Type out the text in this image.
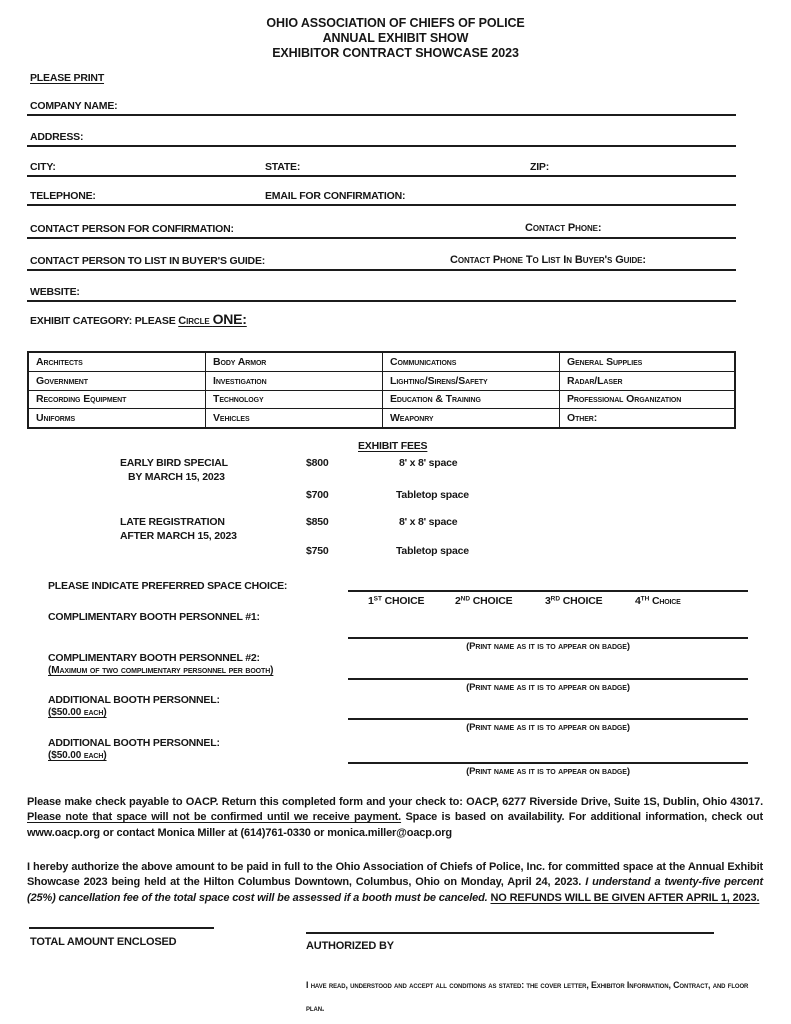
OHIO ASSOCIATION OF CHIEFS OF POLICE
ANNUAL EXHIBIT SHOW
EXHIBITOR CONTRACT SHOWCASE 2023
PLEASE PRINT
COMPANY NAME:
ADDRESS:
CITY:	STATE:	ZIP:
TELEPHONE:	EMAIL FOR CONFIRMATION:
CONTACT PERSON FOR CONFIRMATION:	Contact Phone:
CONTACT PERSON TO LIST IN BUYER'S GUIDE:	Contact Phone To List In Buyer's Guide:
WEBSITE:
EXHIBIT CATEGORY: PLEASE Circle ONE:
Architects	Body Armor	Communications	General Supplies
Government	Investigation	Lighting/Sirens/Safety	Radar/Laser
Recording Equipment	Technology	Education & Training	Professional Organization
Uniforms	Vehicles	Weaponry	Other:
EXHIBIT FEES
EARLY BIRD SPECIAL
BY MARCH 15, 2023
$800	8' x 8' space
$700	Tabletop space
LATE REGISTRATION
AFTER MARCH 15, 2023
$850	8' x 8' space
$750	Tabletop space
PLEASE INDICATE PREFERRED SPACE CHOICE:
1ST CHOICE	2ND CHOICE	3RD CHOICE	4TH Choice
COMPLIMENTARY BOOTH PERSONNEL #1:
(Print name as it is to appear on badge)
COMPLIMENTARY BOOTH PERSONNEL #2:
(Maximum of two complimentary personnel per booth)
(Print name as it is to appear on badge)
ADDITIONAL BOOTH PERSONNEL:
($50.00 each)
(Print name as it is to appear on badge)
ADDITIONAL BOOTH PERSONNEL:
($50.00 each)
(Print name as it is to appear on badge)

Please make check payable to OACP. Return this completed form and your check to: OACP, 6277 Riverside Drive, Suite 1S, Dublin, Ohio 43017. Please note that space will not be confirmed until we receive payment. Space is based on availability. For additional information, check out www.oacp.org or contact Monica Miller at (614)761-0330 or monica.miller@oacp.org

I hereby authorize the above amount to be paid in full to the Ohio Association of Chiefs of Police, Inc. for committed space at the Annual Exhibit Showcase 2023 being held at the Hilton Columbus Downtown, Columbus, Ohio on Monday, April 24, 2023. I understand a twenty-five percent (25%) cancellation fee of the total space cost will be assessed if a booth must be canceled. NO REFUNDS WILL BE GIVEN AFTER APRIL 1, 2023.

TOTAL AMOUNT ENCLOSED	AUTHORIZED BY
I have read, understood and accept all conditions as stated: the cover letter, Exhibitor Information, Contract, and floor plan.
